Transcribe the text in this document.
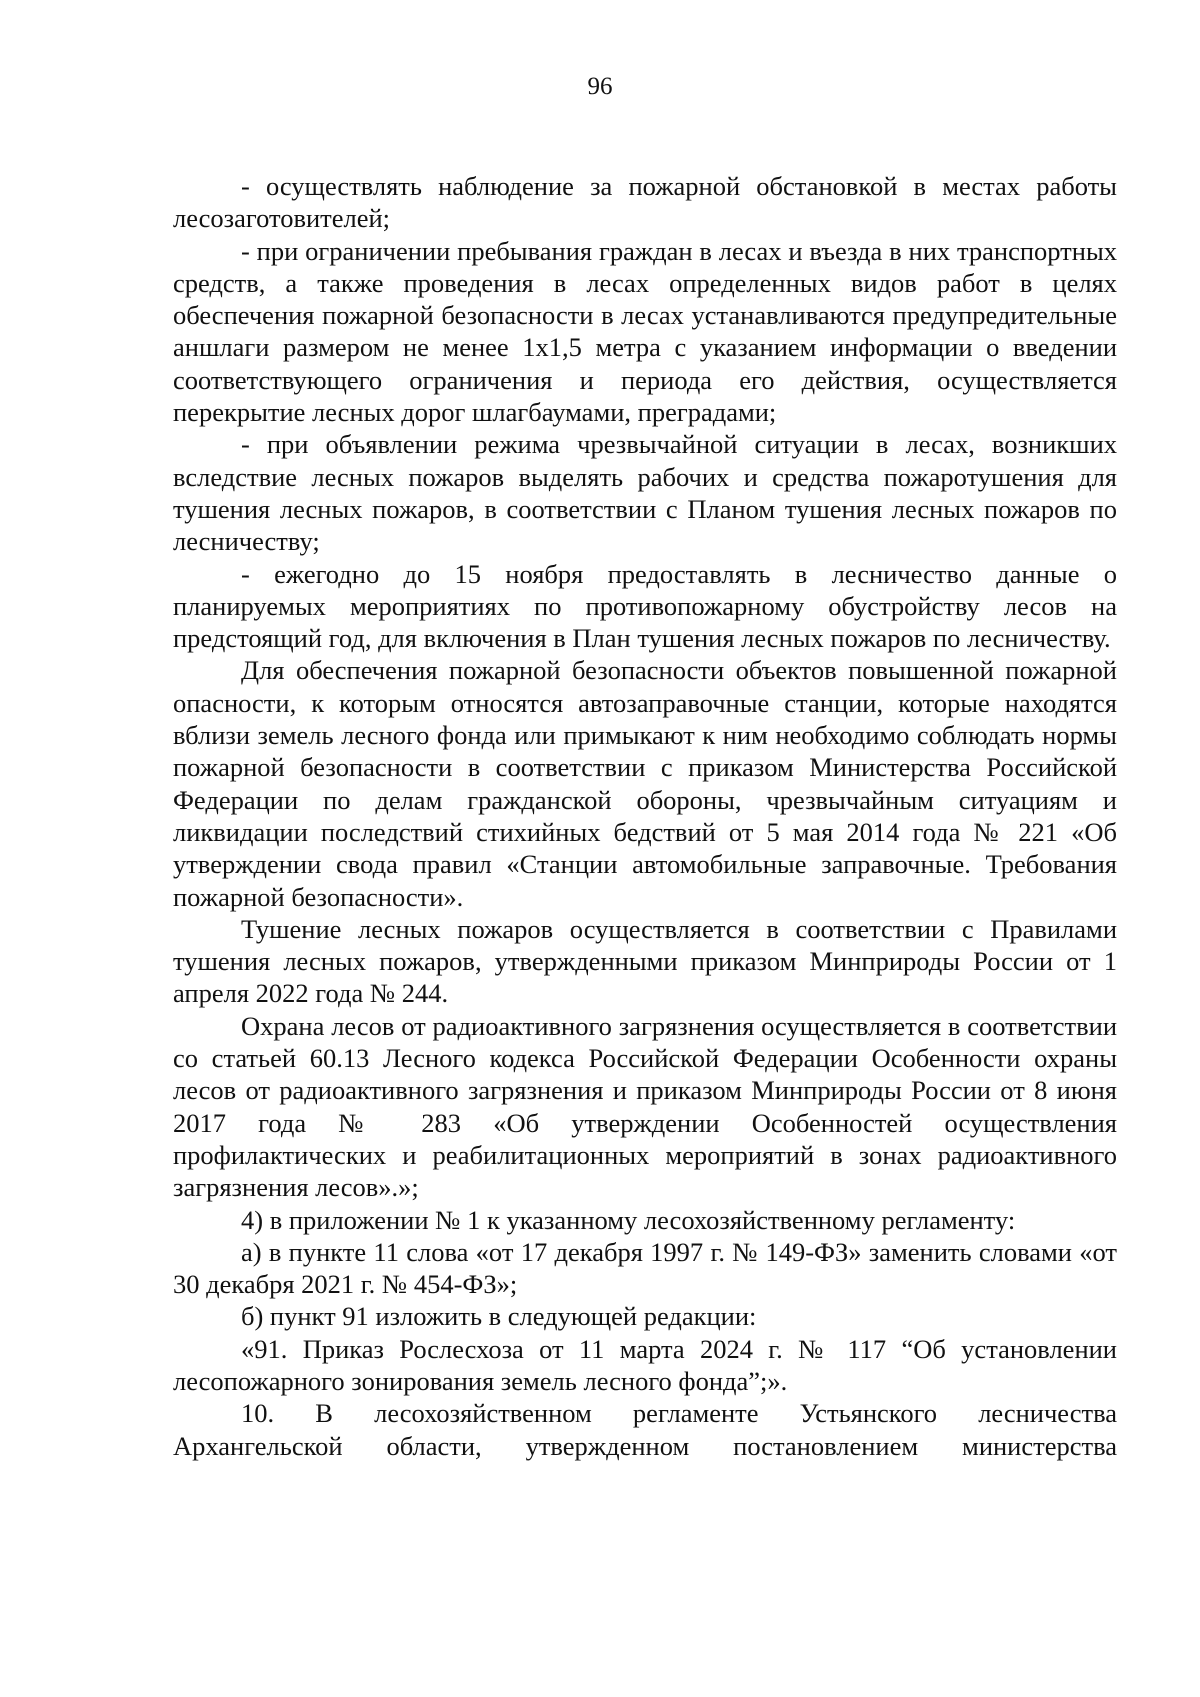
96

- осуществлять наблюдение за пожарной обстановкой в местах работы лесозаготовителей;

- при ограничении пребывания граждан в лесах и въезда в них транспортных средств, а также проведения в лесах определенных видов работ в целях обеспечения пожарной безопасности в лесах устанавливаются предупредительные аншлаги размером не менее 1х1,5 метра с указанием информации о введении соответствующего ограничения и периода его действия, осуществляется перекрытие лесных дорог шлагбаумами, преградами;

- при объявлении режима чрезвычайной ситуации в лесах, возникших вследствие лесных пожаров выделять рабочих и средства пожаротушения для тушения лесных пожаров, в соответствии с Планом тушения лесных пожаров по лесничеству;

- ежегодно до 15 ноября предоставлять в лесничество данные о планируемых мероприятиях по противопожарному обустройству лесов на предстоящий год, для включения в План тушения лесных пожаров по лесничеству.

Для обеспечения пожарной безопасности объектов повышенной пожарной опасности, к которым относятся автозаправочные станции, которые находятся вблизи земель лесного фонда или примыкают к ним необходимо соблюдать нормы пожарной безопасности в соответствии с приказом Министерства Российской Федерации по делам гражданской обороны, чрезвычайным ситуациям и ликвидации последствий стихийных бедствий от 5 мая 2014 года № 221 «Об утверждении свода правил «Станции автомобильные заправочные. Требования пожарной безопасности».

Тушение лесных пожаров осуществляется в соответствии с Правилами тушения лесных пожаров, утвержденными приказом Минприроды России от 1 апреля 2022 года № 244.

Охрана лесов от радиоактивного загрязнения осуществляется в соответствии со статьей 60.13 Лесного кодекса Российской Федерации Особенности охраны лесов от радиоактивного загрязнения и приказом Минприроды России от 8 июня 2017 года № 283 «Об утверждении Особенностей осуществления профилактических и реабилитационных мероприятий в зонах радиоактивного загрязнения лесов».»;

4) в приложении № 1 к указанному лесохозяйственному регламенту:

а) в пункте 11 слова «от 17 декабря 1997 г. № 149-ФЗ» заменить словами «от 30 декабря 2021 г. № 454-ФЗ»;

б) пункт 91 изложить в следующей редакции:

«91. Приказ Рослесхоза от 11 марта 2024 г. № 117 “Об установлении лесопожарного зонирования земель лесного фонда”;».

10. В лесохозяйственном регламенте Устьянского лесничества Архангельской области, утвержденном постановлением министерства
